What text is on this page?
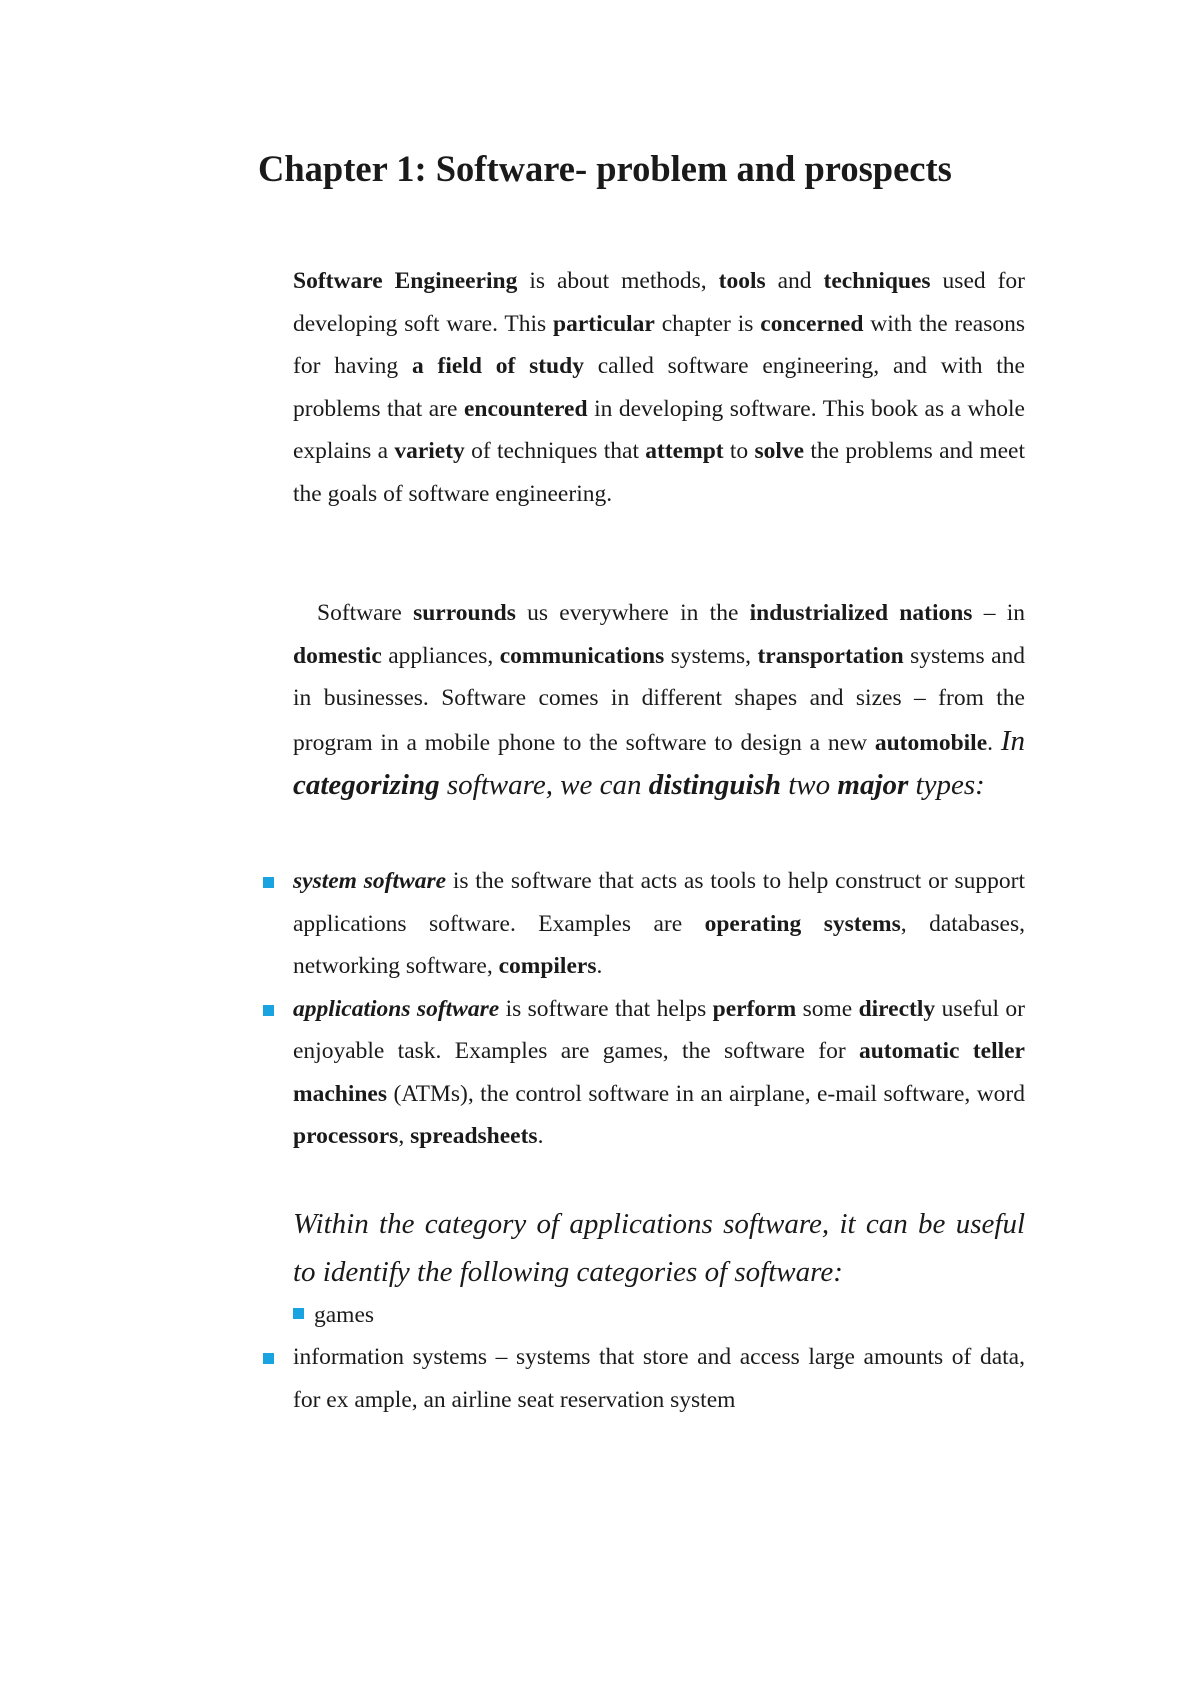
Chapter 1: Software- problem and prospects

Software Engineering is about methods, tools and techniques used for developing soft ware. This particular chapter is concerned with the reasons for having a field of study called software engineering, and with the problems that are encountered in developing software. This book as a whole explains a variety of techniques that attempt to solve the problems and meet the goals of software engineering.

Software surrounds us everywhere in the industrialized nations – in domestic appliances, communications systems, transportation systems and in businesses. Software comes in different shapes and sizes – from the program in a mobile phone to the software to design a new automobile. In categorizing software, we can distinguish two major types:

system software is the software that acts as tools to help construct or support applications software. Examples are operating systems, databases, networking software, compilers.
applications software is software that helps perform some directly useful or enjoyable task. Examples are games, the software for automatic teller machines (ATMs), the control software in an airplane, e-mail software, word processors, spreadsheets.

Within the category of applications software, it can be useful to identify the following categories of software:

games

information systems – systems that store and access large amounts of data, for ex ample, an airline seat reservation system
